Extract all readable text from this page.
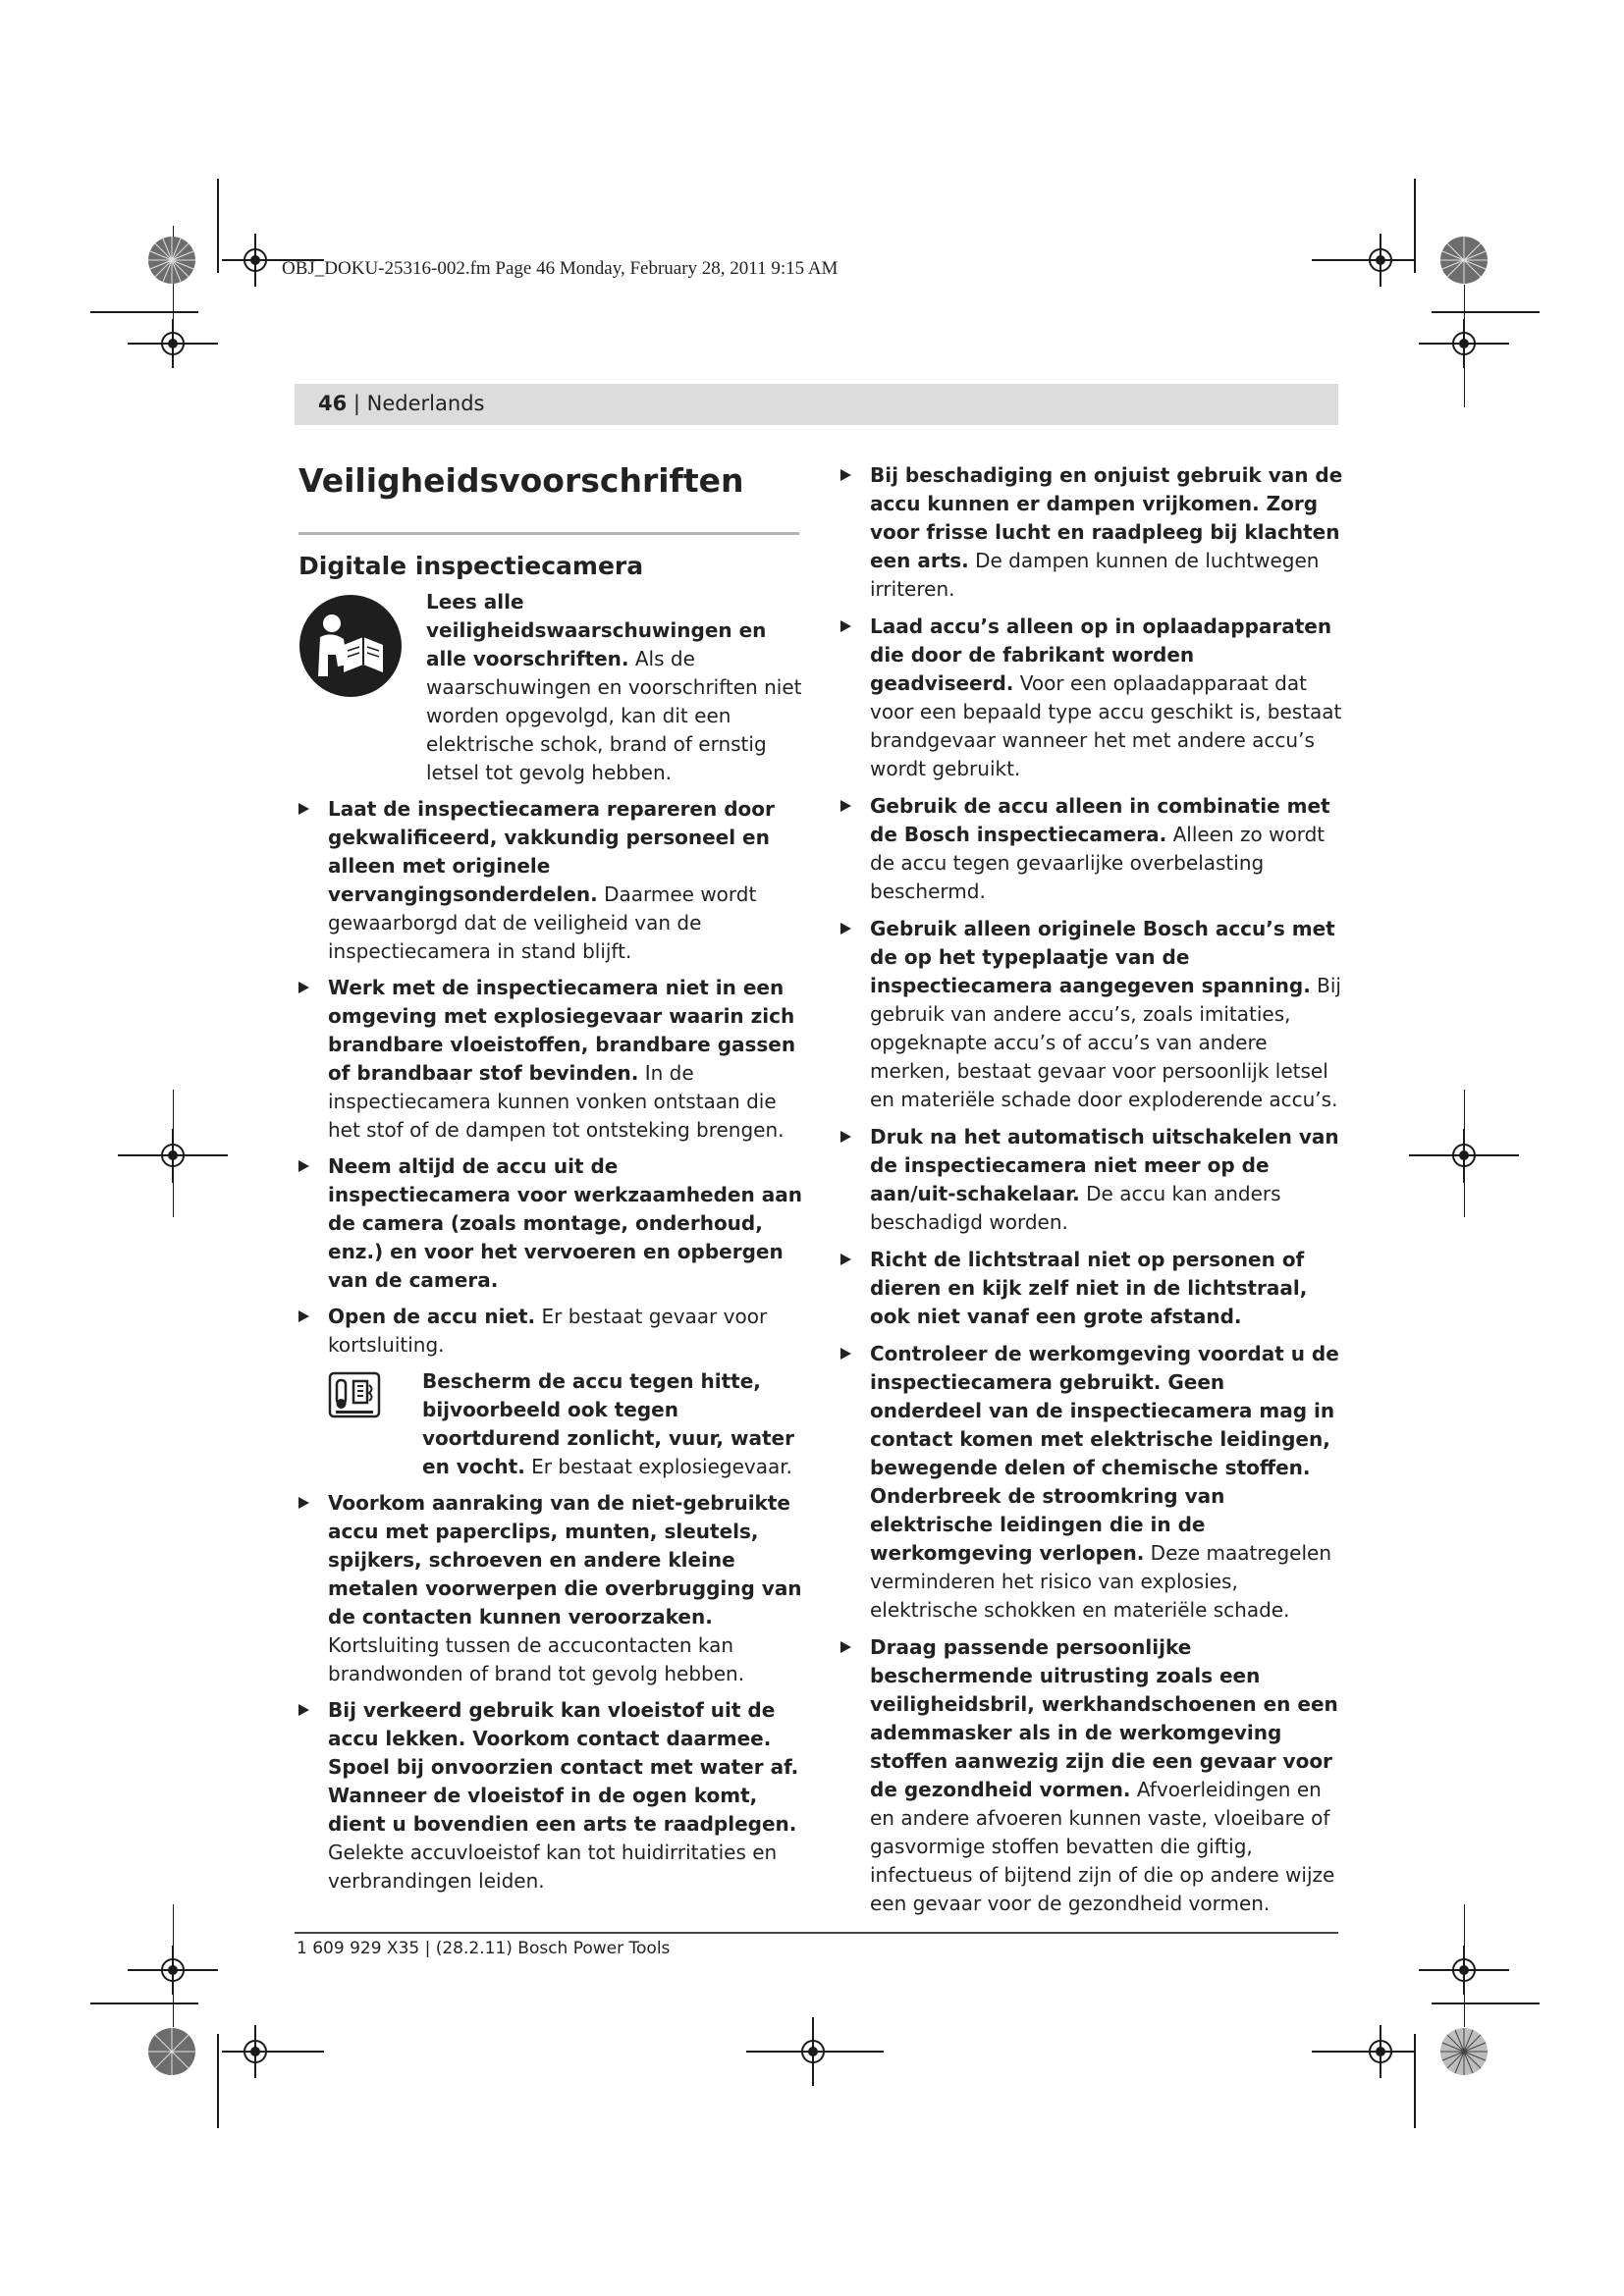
OBJ_DOKU-25316-002.fm Page 46 Monday, February 28, 2011 9:15 AM
46 | Nederlands
Veiligheidsvoorschriften
Digitale inspectiecamera
Lees alle veiligheidswaarschuwingen en alle voorschriften. Als de waarschuwingen en voorschriften niet worden opgevolgd, kan dit een elektrische schok, brand of ernstig letsel tot gevolg hebben.
Laat de inspectiecamera repareren door gekwalificeerd, vakkundig personeel en alleen met originele vervangingsonderdelen. Daarmee wordt gewaarborgd dat de veiligheid van de inspectiecamera in stand blijft.
Werk met de inspectiecamera niet in een omgeving met explosiegevaar waarin zich brandbare vloeistoffen, brandbare gassen of brandbaar stof bevinden. In de inspectiecamera kunnen vonken ontstaan die het stof of de dampen tot ontsteking brengen.
Neem altijd de accu uit de inspectiecamera voor werkzaamheden aan de camera (zoals montage, onderhoud, enz.) en voor het vervoeren en opbergen van de camera.
Open de accu niet. Er bestaat gevaar voor kortsluiting.
Bescherm de accu tegen hitte, bijvoorbeeld ook tegen voortdurend zonlicht, vuur, water en vocht. Er bestaat explosiegevaar.
Voorkom aanraking van de niet-gebruikte accu met paperclips, munten, sleutels, spijkers, schroeven en andere kleine metalen voorwerpen die overbrugging van de contacten kunnen veroorzaken. Kortsluiting tussen de accucontacten kan brandwonden of brand tot gevolg hebben.
Bij verkeerd gebruik kan vloeistof uit de accu lekken. Voorkom contact daarmee. Spoel bij onvoorzien contact met water af. Wanneer de vloeistof in de ogen komt, dient u bovendien een arts te raadplegen. Gelekte accuvloeistof kan tot huidirritaties en verbrandingen leiden.
Bij beschadiging en onjuist gebruik van de accu kunnen er dampen vrijkomen. Zorg voor frisse lucht en raadpleeg bij klachten een arts. De dampen kunnen de luchtwegen irriteren.
Laad accu’s alleen op in oplaadapparaten die door de fabrikant worden geadviseerd. Voor een oplaadapparaat dat voor een bepaald type accu geschikt is, bestaat brandgevaar wanneer het met andere accu’s wordt gebruikt.
Gebruik de accu alleen in combinatie met de Bosch inspectiecamera. Alleen zo wordt de accu tegen gevaarlijke overbelasting beschermd.
Gebruik alleen originele Bosch accu’s met de op het typeplaatje van de inspectiecamera aangegeven spanning. Bij gebruik van andere accu’s, zoals imitaties, opgeknapte accu’s of accu’s van andere merken, bestaat gevaar voor persoonlijk letsel en materiële schade door exploderende accu’s.
Druk na het automatisch uitschakelen van de inspectiecamera niet meer op de aan/uit-schakelaar. De accu kan anders beschadigd worden.
Richt de lichtstraal niet op personen of dieren en kijk zelf niet in de lichtstraal, ook niet vanaf een grote afstand.
Controleer de werkomgeving voordat u de inspectiecamera gebruikt. Geen onderdeel van de inspectiecamera mag in contact komen met elektrische leidingen, bewegende delen of chemische stoffen. Onderbreek de stroomkring van elektrische leidingen die in de werkomgeving verlopen. Deze maatregelen verminderen het risico van explosies, elektrische schokken en materiële schade.
Draag passende persoonlijke beschermende uitrusting zoals een veiligheidsbril, werkhandschoenen en een ademmasker als in de werkomgeving stoffen aanwezig zijn die een gevaar voor de gezondheid vormen. Afvoerleidingen en en andere afvoeren kunnen vaste, vloeibare of gasvormige stoffen bevatten die giftig, infectueus of bijtend zijn of die op andere wijze een gevaar voor de gezondheid vormen.
1 609 929 X35 | (28.2.11) Bosch Power Tools
